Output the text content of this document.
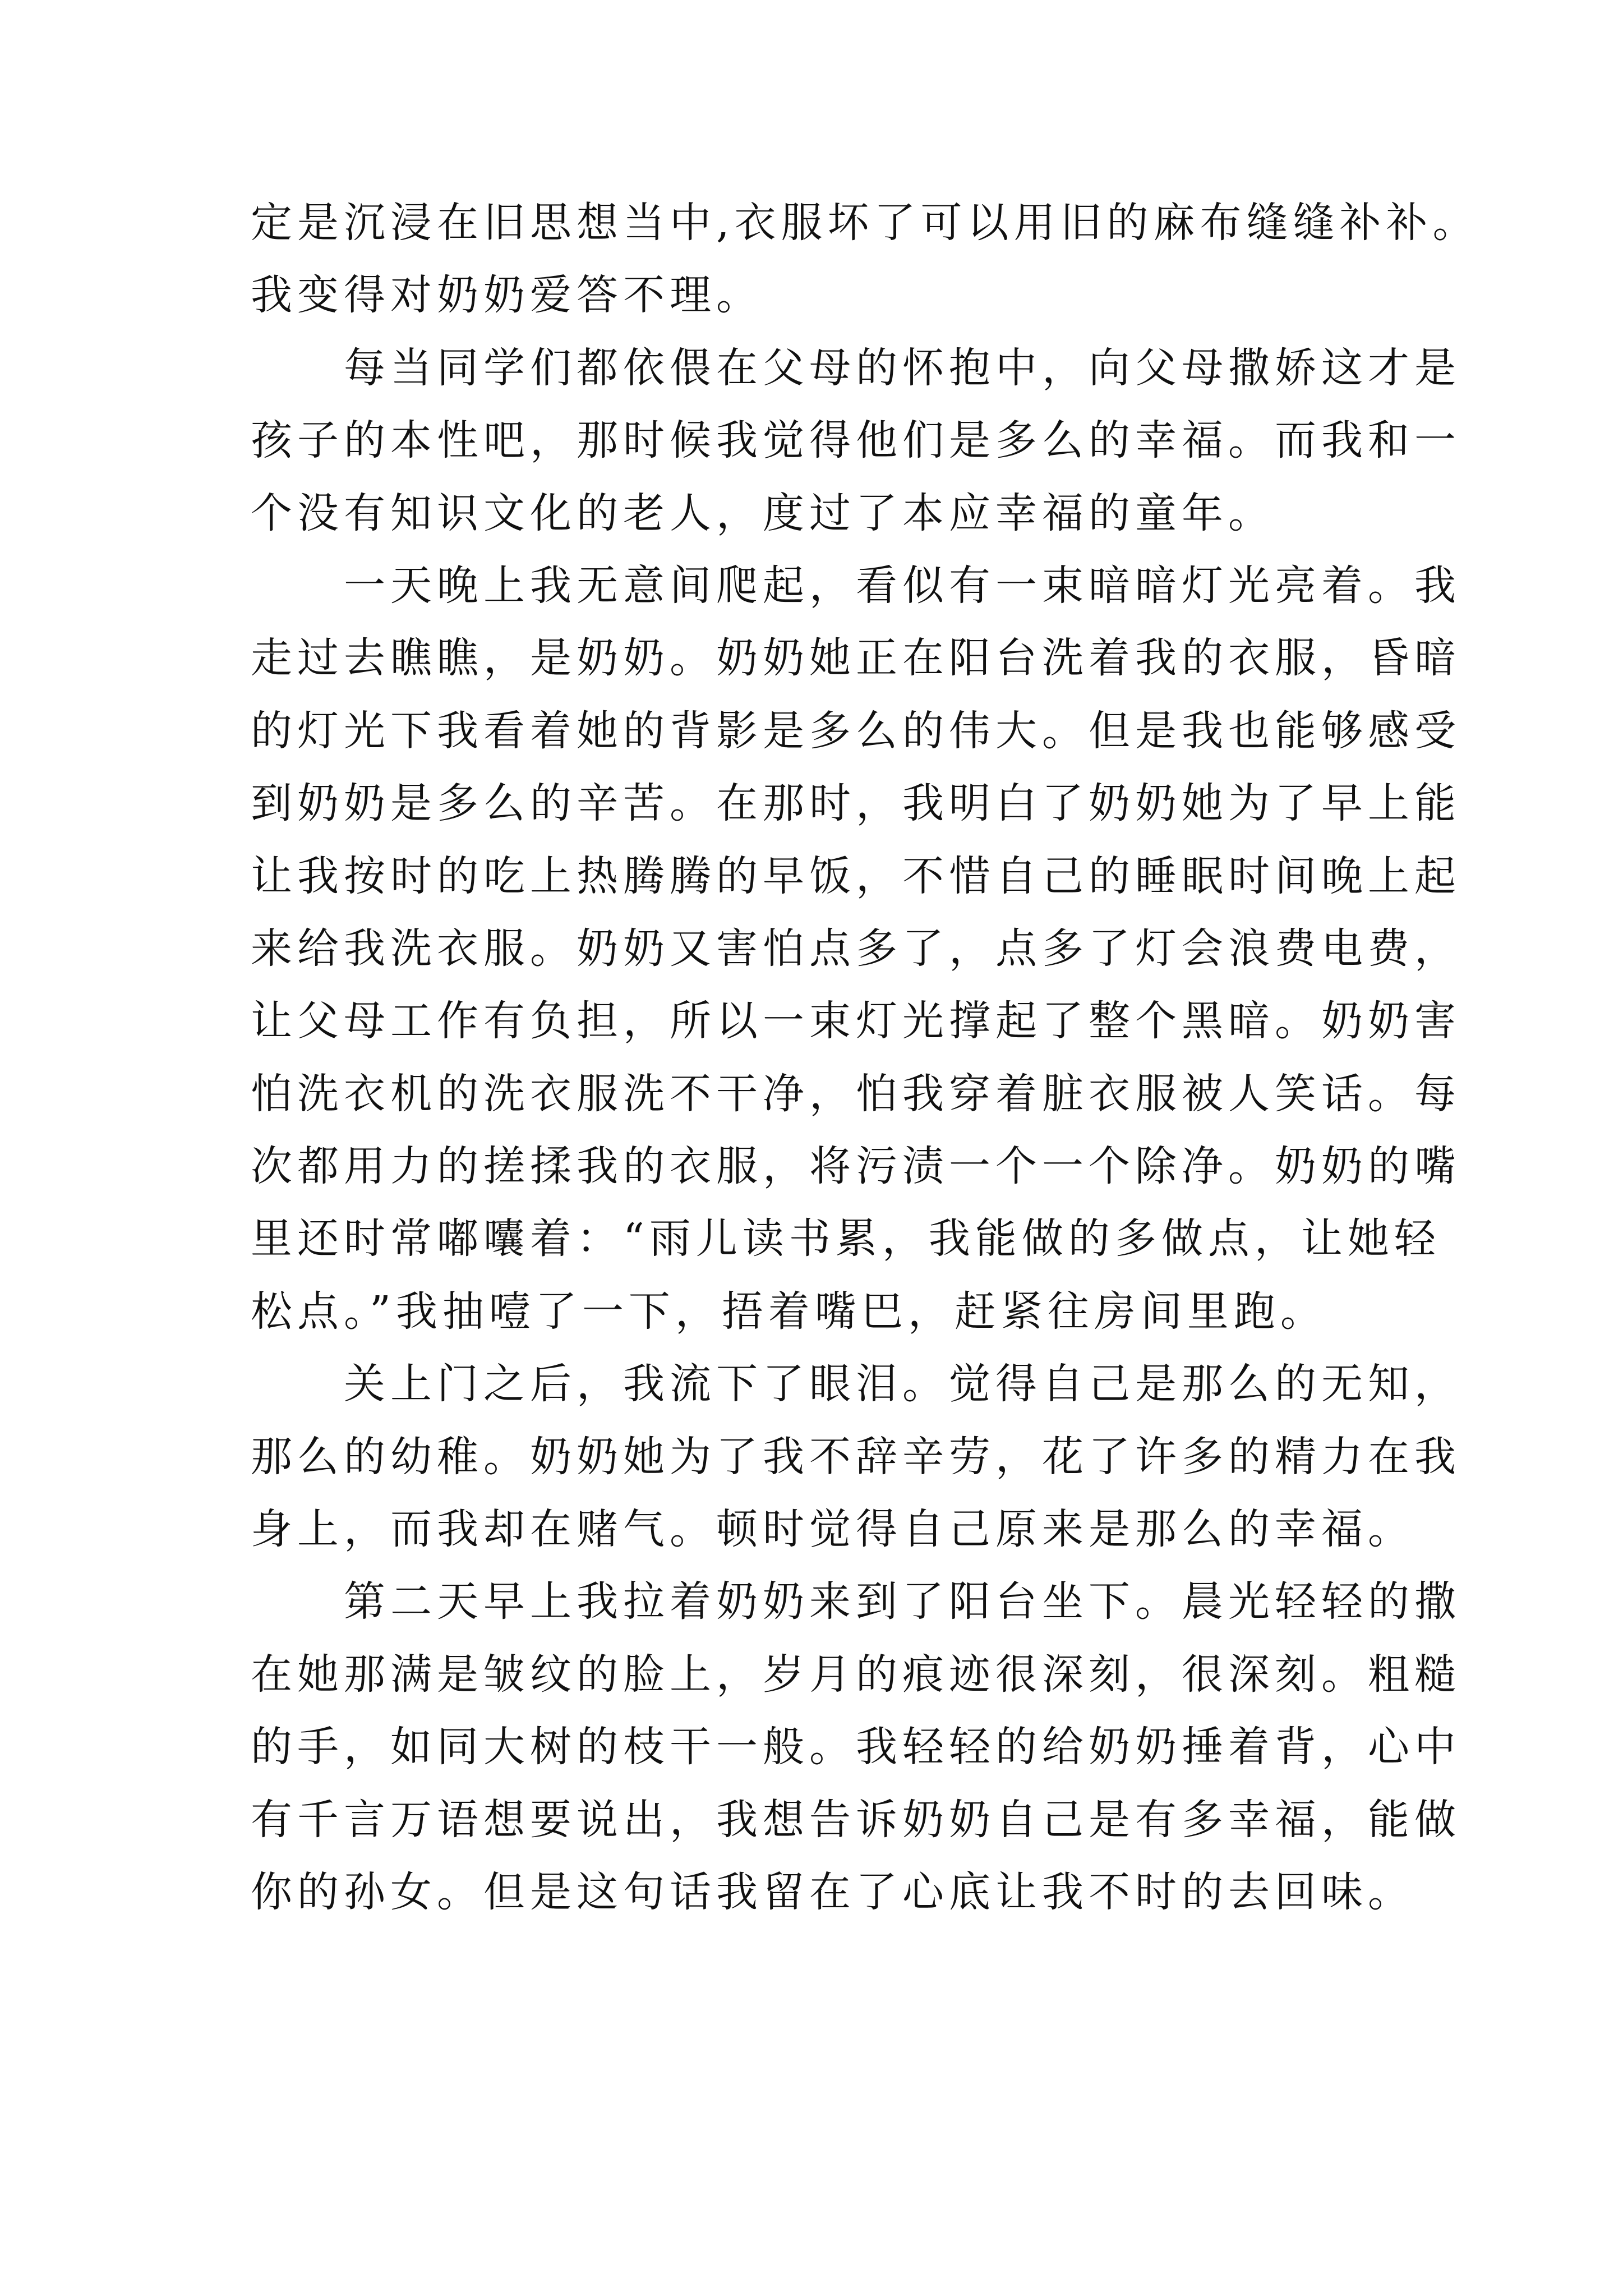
定是沉浸在旧思想当中,衣服坏了可以用旧的麻布缝缝补补。
我变得对奶奶爱答不理。
　　每当同学们都依偎在父母的怀抱中，向父母撒娇这才是
孩子的本性吧，那时候我觉得他们是多么的幸福。而我和一
个没有知识文化的老人，度过了本应幸福的童年。
　　一天晚上我无意间爬起，看似有一束暗暗灯光亮着。我
走过去瞧瞧，是奶奶。奶奶她正在阳台洗着我的衣服，昏暗
的灯光下我看着她的背影是多么的伟大。但是我也能够感受
到奶奶是多么的辛苦。在那时，我明白了奶奶她为了早上能
让我按时的吃上热腾腾的早饭，不惜自己的睡眠时间晚上起
来给我洗衣服。奶奶又害怕点多了，点多了灯会浪费电费，
让父母工作有负担，所以一束灯光撑起了整个黑暗。奶奶害
怕洗衣机的洗衣服洗不干净，怕我穿着脏衣服被人笑话。每
次都用力的搓揉我的衣服，将污渍一个一个除净。奶奶的嘴
里还时常嘟囔着：“雨儿读书累，我能做的多做点，让她轻
松点。”我抽噎了一下，捂着嘴巴，赶紧往房间里跑。
　　关上门之后，我流下了眼泪。觉得自己是那么的无知，
那么的幼稚。奶奶她为了我不辞辛劳，花了许多的精力在我
身上，而我却在赌气。顿时觉得自己原来是那么的幸福。
　　第二天早上我拉着奶奶来到了阳台坐下。晨光轻轻的撒
在她那满是皱纹的脸上，岁月的痕迹很深刻，很深刻。粗糙
的手，如同大树的枝干一般。我轻轻的给奶奶捶着背，心中
有千言万语想要说出，我想告诉奶奶自己是有多幸福，能做
你的孙女。但是这句话我留在了心底让我不时的去回味。
